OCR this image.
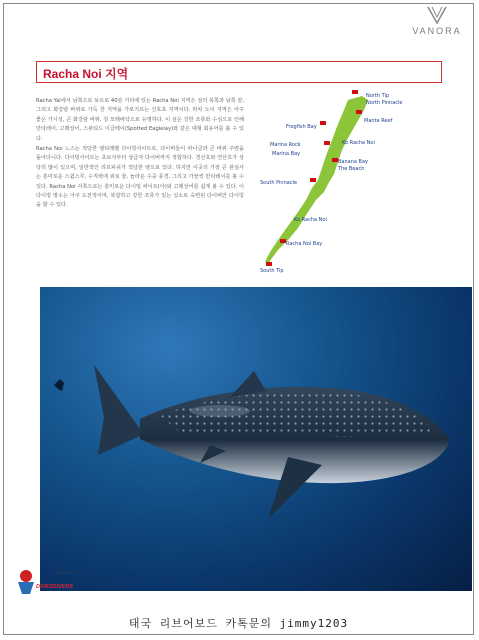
VANORA
Racha Noi 지역

Racha Yai에서 남쪽으로 보트로 40분 거리에 있는 Racha Noi 지역은 섬의 북쪽과 남쪽 끝, 그리고 화강암 바위로 가득 찬 지역을 가로지르는 산호초 지역이다. 라차 노이 지역은 아주 좋은 가시성, 큰 화강암 바위, 청 모래바닥으로 유명하다. 이 섬은 강한 조류와 수심으로 인해 만타레이, 고래상어, 스팟티드 이글레이(Spotted Eaglelay)와 같은 대형 회유어를 볼 수 있다.

Racha Noi 느스는 적당한 엠티레벨 다이빙사이트로, 다이버들이 파나클과 큰 바위 주변을 돌아다니다. 다이빙사이트는 초보자부터 상급자 다이버까지 적합하다. 경산호와 연산호가 상당히 많이 있으며, 일반적인 리프피쉬가 적당한 양으로 있다. 하지만 이곳의 가장 큰 관심사는 흥미로운 스윔스루, 수직벽에 위로 뭍, 놀라운 수중 풍경, 그리고 가끔씩 만타레이를 볼 수 있다. Racha Noi 서쪽으로는 흥미로운 다이빙 싸이트(아)와 고래상어를 쉽게 볼 수 있다. 이 다이빙 명소는 아주 도전적이며, 복잡하고 강한 조류가 있는 싱소로 숙련된 다이버만 다이빙을 할 수 있다.

North Tip
North Pinnacle
Manta Reef
Frogfish Bay
Marina Rock	Ko Racha Noi
Marina Bay
Banana Bay
The Beach
South Pinnacle
Ko Racha Noi
Racha Noi Bay
South Tip
KOH SHIP
DIVESDIVERS
태국 리브어보드 카톡문의 jimmy1203
